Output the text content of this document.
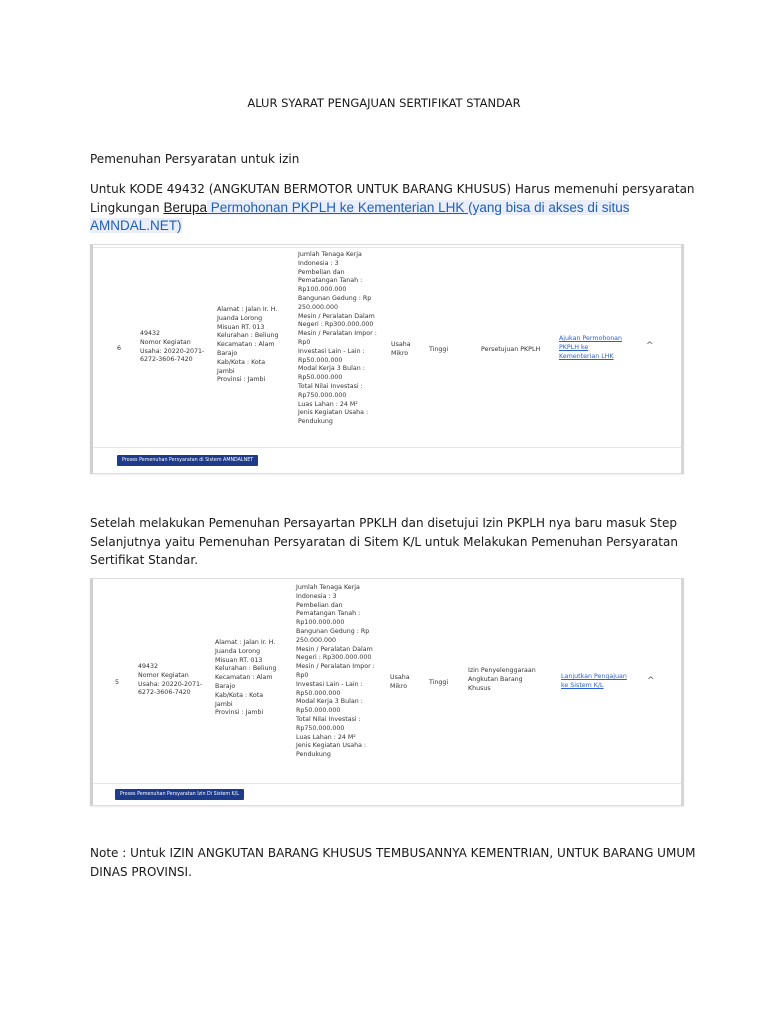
ALUR SYARAT PENGAJUAN SERTIFIKAT STANDAR
Pemenuhan Persyaratan untuk izin
Untuk KODE 49432 (ANGKUTAN BERMOTOR UNTUK BARANG KHUSUS) Harus memenuhi persyaratan
Lingkungan Berupa Permohonan PKPLH ke Kementerian LHK (yang bisa di akses di situs
AMNDAL.NET)
6
49432
Nomor Kegiatan
Usaha: 20220-2071-
6272-3606-7420
Alamat : Jalan Ir. H.
Juanda Lorong
Misuan RT. 013
Kelurahan : Beliung
Kecamatan : Alam
Barajo
Kab/Kota : Kota
Jambi
Provinsi : Jambi
Jumlah Tenaga Kerja
Indonesia : 3
Pembelian dan
Pematangan Tanah :
Rp100.000.000
Bangunan Gedung : Rp
250.000.000
Mesin / Peralatan Dalam
Negeri : Rp300.000.000
Mesin / Peralatan Impor :
Rp0
Investasi Lain - Lain :
Rp50.000.000
Modal Kerja 3 Bulan :
Rp50.000.000
Total Nilai Investasi :
Rp750.000.000
Luas Lahan : 24 M²
Jenis Kegiatan Usaha :
Pendukung
Usaha
Mikro
Tinggi	Persetujuan PKPLH
Ajukan Permohonan
PKPLH ke
Kementerian LHK
^
Proses Pemenuhan Persyaratan di Sistem AMNDALNET
Setelah melakukan Pemenuhan Persayartan PPKLH dan disetujui Izin PKPLH nya baru masuk Step
Selanjutnya yaitu Pemenuhan Persyaratan di Sitem K/L untuk Melakukan Pemenuhan Persyaratan
Sertifikat Standar.
5
49432
Nomor Kegiatan
Usaha: 20220-2071-
6272-3606-7420
Alamat : Jalan Ir. H.
Juanda Lorong
Misuan RT. 013
Kelurahan : Beliung
Kecamatan : Alam
Barajo
Kab/Kota : Kota
Jambi
Provinsi : Jambi
Jumlah Tenaga Kerja
Indonesia : 3
Pembelian dan
Pematangan Tanah :
Rp100.000.000
Bangunan Gedung : Rp
250.000.000
Mesin / Peralatan Dalam
Negeri : Rp300.000.000
Mesin / Peralatan Impor :
Rp0
Investasi Lain - Lain :
Rp50.000.000
Modal Kerja 3 Bulan :
Rp50.000.000
Total Nilai Investasi :
Rp750.000.000
Luas Lahan : 24 M²
Jenis Kegiatan Usaha :
Pendukung
Usaha
Mikro
Tinggi
Izin Penyelenggaraan
Angkutan Barang
Khusus
Lanjutkan Pengajuan
ke Sistem K/L	^
Proses Pemenuhan Persyaratan Izin Di Sistem K/L
Note : Untuk IZIN ANGKUTAN BARANG KHUSUS TEMBUSANNYA KEMENTRIAN, UNTUK BARANG UMUM
DINAS PROVINSI.
